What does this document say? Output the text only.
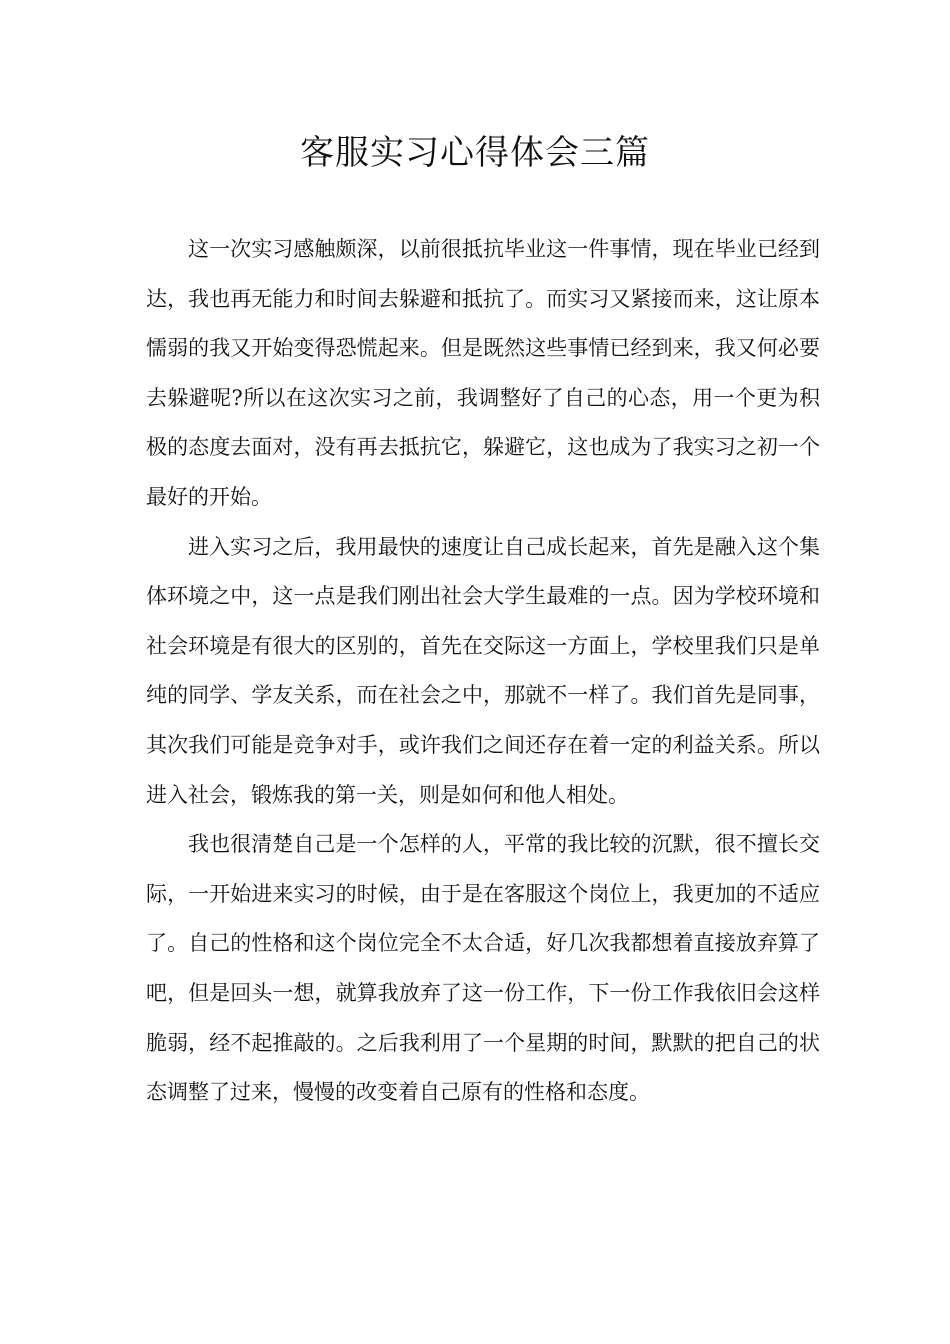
客服实习心得体会三篇

这一次实习感触颇深，以前很抵抗毕业这一件事情，现在毕业已经到达，我也再无能力和时间去躲避和抵抗了。而实习又紧接而来，这让原本懦弱的我又开始变得恐慌起来。但是既然这些事情已经到来，我又何必要去躲避呢?所以在这次实习之前，我调整好了自己的心态，用一个更为积极的态度去面对，没有再去抵抗它，躲避它，这也成为了我实习之初一个最好的开始。

进入实习之后，我用最快的速度让自己成长起来，首先是融入这个集体环境之中，这一点是我们刚出社会大学生最难的一点。因为学校环境和社会环境是有很大的区别的，首先在交际这一方面上，学校里我们只是单纯的同学、学友关系，而在社会之中，那就不一样了。我们首先是同事，其次我们可能是竞争对手，或许我们之间还存在着一定的利益关系。所以进入社会，锻炼我的第一关，则是如何和他人相处。

我也很清楚自己是一个怎样的人，平常的我比较的沉默，很不擅长交际，一开始进来实习的时候，由于是在客服这个岗位上，我更加的不适应了。自己的性格和这个岗位完全不太合适，好几次我都想着直接放弃算了吧，但是回头一想，就算我放弃了这一份工作，下一份工作我依旧会这样脆弱，经不起推敲的。之后我利用了一个星期的时间，默默的把自己的状态调整了过来，慢慢的改变着自己原有的性格和态度。
